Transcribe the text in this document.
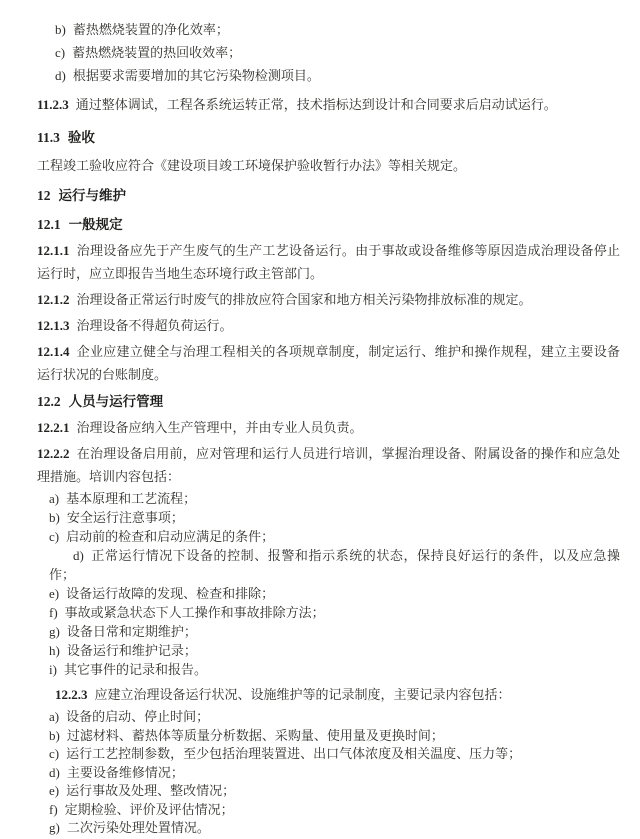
b) 蓄热燃烧装置的净化效率；
c) 蓄热燃烧装置的热回收效率；
d) 根据要求需要增加的其它污染物检测项目。

11.2.3 通过整体调试，工程各系统运转正常，技术指标达到设计和合同要求后启动试运行。

11.3 验收

工程竣工验收应符合《建设项目竣工环境保护验收暂行办法》等相关规定。

12 运行与维护
12.1 一般规定

12.1.1 治理设备应先于产生废气的生产工艺设备运行。由于事故或设备维修等原因造成治理设备停止运行时，应立即报告当地生态环境行政主管部门。

12.1.2 治理设备正常运行时废气的排放应符合国家和地方相关污染物排放标准的规定。

12.1.3 治理设备不得超负荷运行。

12.1.4 企业应建立健全与治理工程相关的各项规章制度，制定运行、维护和操作规程，建立主要设备运行状况的台账制度。

12.2 人员与运行管理

12.2.1 治理设备应纳入生产管理中，并由专业人员负责。

12.2.2 在治理设备启用前，应对管理和运行人员进行培训，掌握治理设备、附属设备的操作和应急处理措施。培训内容包括：

a) 基本原理和工艺流程；
b) 安全运行注意事项；
c) 启动前的检查和启动应满足的条件；
d) 正常运行情况下设备的控制、报警和指示系统的状态，保持良好运行的条件，以及应急操作；
e) 设备运行故障的发现、检查和排除；
f) 事故或紧急状态下人工操作和事故排除方法；
g) 设备日常和定期维护；
h) 设备运行和维护记录；
i) 其它事件的记录和报告。

12.2.3 应建立治理设备运行状况、设施维护等的记录制度，主要记录内容包括：

a) 设备的启动、停止时间；
b) 过滤材料、蓄热体等质量分析数据、采购量、使用量及更换时间；
c) 运行工艺控制参数，至少包括治理装置进、出口气体浓度及相关温度、压力等；
d) 主要设备维修情况；
e) 运行事故及处理、整改情况；
f) 定期检验、评价及评估情况；
g) 二次污染处理处置情况。
